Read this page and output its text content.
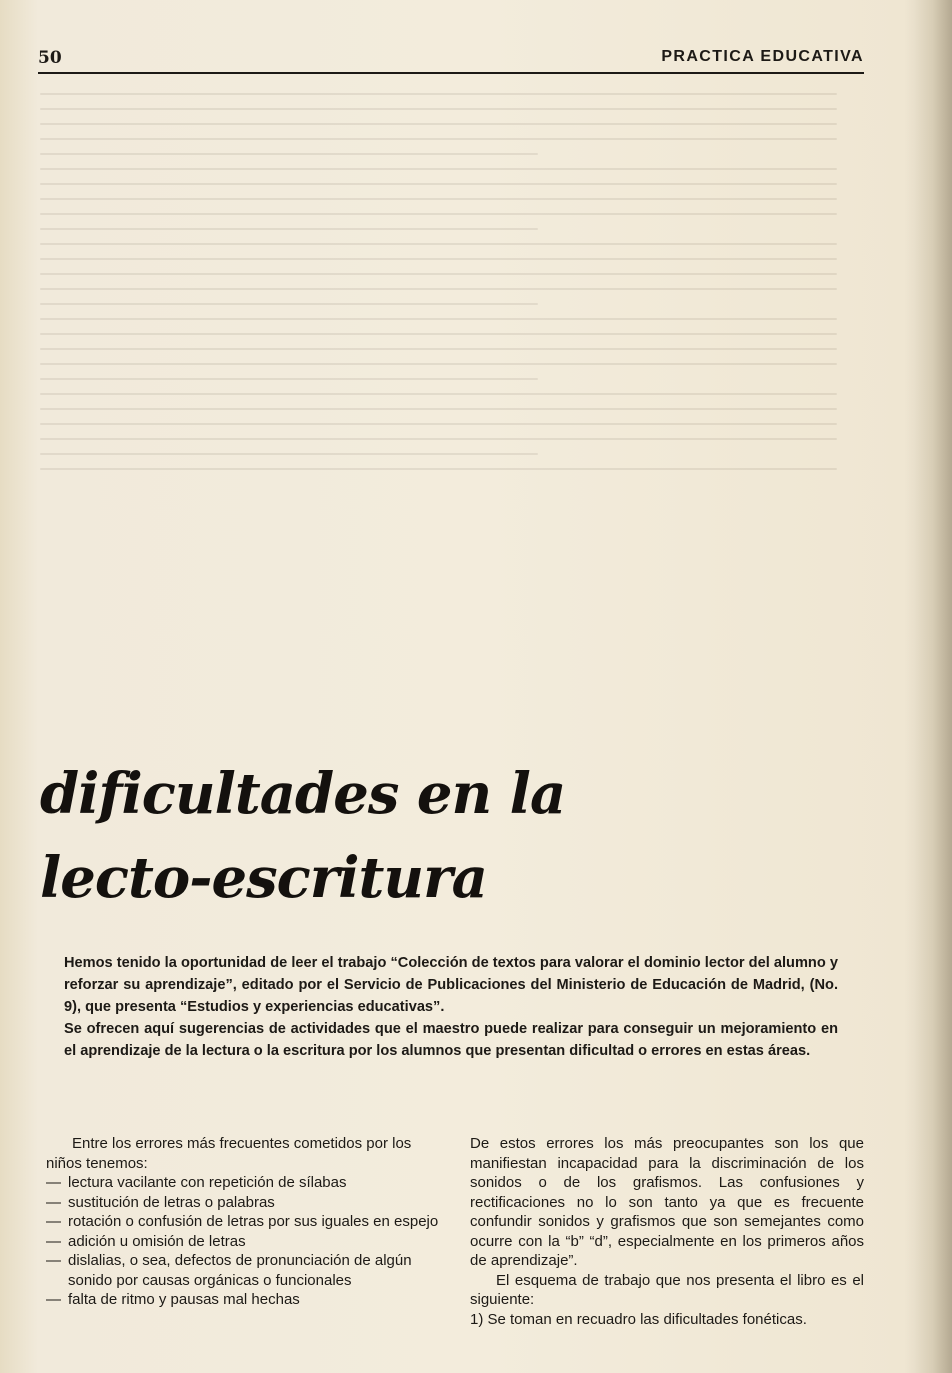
50	PRACTICA EDUCATIVA
dificultades en la
lecto-escritura

Hemos tenido la oportunidad de leer el trabajo “Colección de textos para valorar el dominio lector del alumno y reforzar su aprendizaje”, editado por el Servicio de Publicaciones del Ministerio de Educación de Madrid, (No. 9), que presenta “Estudios y experiencias educativas”.

Se ofrecen aquí sugerencias de actividades que el maestro puede realizar para conseguir un mejoramiento en el aprendizaje de la lectura o la escritura por los alumnos que presentan dificultad o errores en estas áreas.

Entre los errores más frecuentes cometidos por los niños tenemos:

— lectura vacilante con repetición de sílabas
— sustitución de letras o palabras
— rotación o confusión de letras por sus iguales en espejo
— adición u omisión de letras
— dislalias, o sea, defectos de pronunciación de algún sonido por causas orgánicas o funcionales
— falta de ritmo y pausas mal hechas

De estos errores los más preocupantes son los que manifiestan incapacidad para la discriminación de los sonidos o de los grafismos. Las confusiones y rectificaciones no lo son tanto ya que es frecuente confundir sonidos y grafismos que son semejantes como ocurre con la “b” “d”, especialmente en los primeros años de aprendizaje”.

El esquema de trabajo que nos presenta el libro es el siguiente:

1) Se toman en recuadro las dificultades fonéticas.
